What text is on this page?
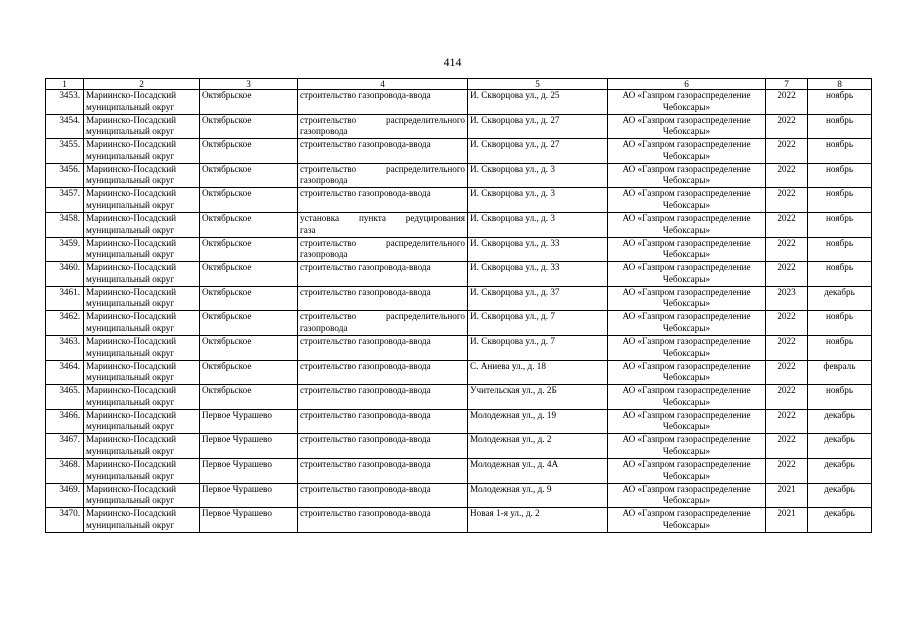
414
1	2	3	4	5	6	7	8

3453.	Мариинско-Посадский
муниципальный округ	Октябрьское	строительство газопровода-ввода	И. Скворцова ул., д. 25	АО «Газпром газораспределение
Чебоксары»	2022	ноябрь

3454.	Мариинско-Посадский
муниципальный округ	Октябрьское	строительство распределительного
газопровода	И. Скворцова ул., д. 27	АО «Газпром газораспределение
Чебоксары»	2022	ноябрь

3455.	Мариинско-Посадский
муниципальный округ	Октябрьское	строительство газопровода-ввода	И. Скворцова ул., д. 27	АО «Газпром газораспределение
Чебоксары»	2022	ноябрь

3456.	Мариинско-Посадский
муниципальный округ	Октябрьское	строительство распределительного
газопровода	И. Скворцова ул., д. 3	АО «Газпром газораспределение
Чебоксары»	2022	ноябрь

3457.	Мариинско-Посадский
муниципальный округ	Октябрьское	строительство газопровода-ввода	И. Скворцова ул., д. 3	АО «Газпром газораспределение
Чебоксары»	2022	ноябрь

3458.	Мариинско-Посадский
муниципальный округ	Октябрьское	установка пункта редуцирования
газа	И. Скворцова ул., д. 3	АО «Газпром газораспределение
Чебоксары»	2022	ноябрь

3459.	Мариинско-Посадский
муниципальный округ	Октябрьское	строительство распределительного
газопровода	И. Скворцова ул., д. 33	АО «Газпром газораспределение
Чебоксары»	2022	ноябрь

3460.	Мариинско-Посадский
муниципальный округ	Октябрьское	строительство газопровода-ввода	И. Скворцова ул., д. 33	АО «Газпром газораспределение
Чебоксары»	2022	ноябрь

3461.	Мариинско-Посадский
муниципальный округ	Октябрьское	строительство газопровода-ввода	И. Скворцова ул., д. 37	АО «Газпром газораспределение
Чебоксары»	2023	декабрь

3462.	Мариинско-Посадский
муниципальный округ	Октябрьское	строительство распределительного
газопровода	И. Скворцова ул., д. 7	АО «Газпром газораспределение
Чебоксары»	2022	ноябрь

3463.	Мариинско-Посадский
муниципальный округ	Октябрьское	строительство газопровода-ввода	И. Скворцова ул., д. 7	АО «Газпром газораспределение
Чебоксары»	2022	ноябрь

3464.	Мариинско-Посадский
муниципальный округ	Октябрьское	строительство газопровода-ввода	С. Аниева ул., д. 18	АО «Газпром газораспределение
Чебоксары»	2022	февраль

3465.	Мариинско-Посадский
муниципальный округ	Октябрьское	строительство газопровода-ввода	Учительская ул., д. 2Б	АО «Газпром газораспределение
Чебоксары»	2022	ноябрь

3466.	Мариинско-Посадский
муниципальный округ	Первое Чурашево	строительство газопровода-ввода	Молодежная ул., д. 19	АО «Газпром газораспределение
Чебоксары»	2022	декабрь

3467.	Мариинско-Посадский
муниципальный округ	Первое Чурашево	строительство газопровода-ввода	Молодежная ул., д. 2	АО «Газпром газораспределение
Чебоксары»	2022	декабрь

3468.	Мариинско-Посадский
муниципальный округ	Первое Чурашево	строительство газопровода-ввода	Молодежная ул., д. 4А	АО «Газпром газораспределение
Чебоксары»	2022	декабрь

3469.	Мариинско-Посадский
муниципальный округ	Первое Чурашево	строительство газопровода-ввода	Молодежная ул., д. 9	АО «Газпром газораспределение
Чебоксары»	2021	декабрь

3470.	Мариинско-Посадский
муниципальный округ	Первое Чурашево	строительство газопровода-ввода	Новая 1-я ул., д. 2	АО «Газпром газораспределение
Чебоксары»	2021	декабрь
